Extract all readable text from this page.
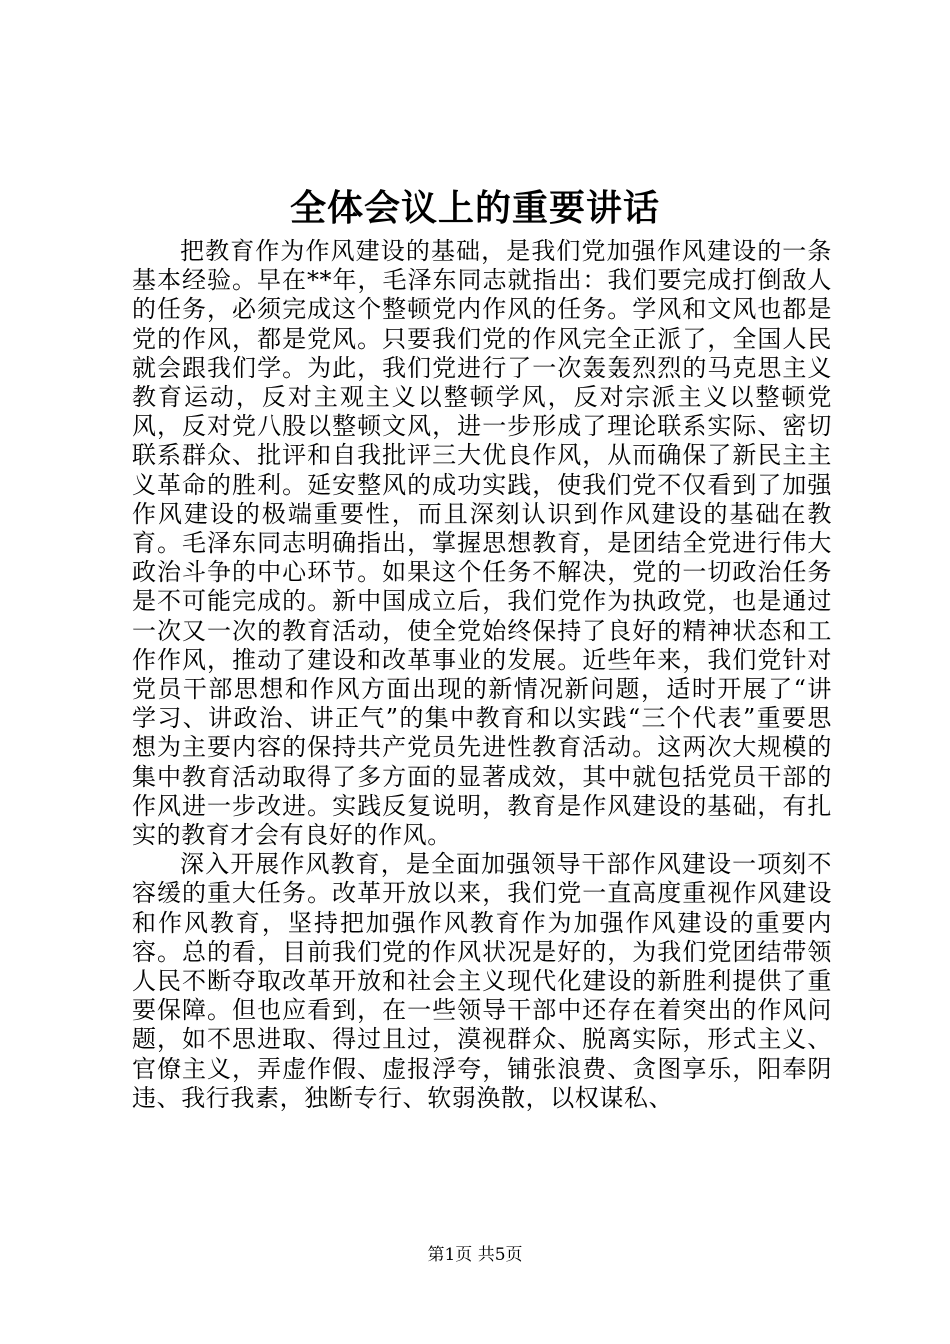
全体会议上的重要讲话

把教育作为作风建设的基础，是我们党加强作风建设的一条基本经验。早在**年，毛泽东同志就指出：我们要完成打倒敌人的任务，必须完成这个整顿党内作风的任务。学风和文风也都是党的作风，都是党风。只要我们党的作风完全正派了，全国人民就会跟我们学。为此，我们党进行了一次轰轰烈烈的马克思主义教育运动，反对主观主义以整顿学风，反对宗派主义以整顿党风，反对党八股以整顿文风，进一步形成了理论联系实际、密切联系群众、批评和自我批评三大优良作风，从而确保了新民主主义革命的胜利。延安整风的成功实践，使我们党不仅看到了加强作风建设的极端重要性，而且深刻认识到作风建设的基础在教育。毛泽东同志明确指出，掌握思想教育，是团结全党进行伟大政治斗争的中心环节。如果这个任务不解决，党的一切政治任务是不可能完成的。新中国成立后，我们党作为执政党，也是通过一次又一次的教育活动，使全党始终保持了良好的精神状态和工作作风，推动了建设和改革事业的发展。近些年来，我们党针对党员干部思想和作风方面出现的新情况新问题，适时开展了“讲学习、讲政治、讲正气”的集中教育和以实践“三个代表”重要思想为主要内容的保持共产党员先进性教育活动。这两次大规模的集中教育活动取得了多方面的显著成效，其中就包括党员干部的作风进一步改进。实践反复说明，教育是作风建设的基础，有扎实的教育才会有良好的作风。

深入开展作风教育，是全面加强领导干部作风建设一项刻不容缓的重大任务。改革开放以来，我们党一直高度重视作风建设和作风教育，坚持把加强作风教育作为加强作风建设的重要内容。总的看，目前我们党的作风状况是好的，为我们党团结带领人民不断夺取改革开放和社会主义现代化建设的新胜利提供了重要保障。但也应看到，在一些领导干部中还存在着突出的作风问题，如不思进取、得过且过，漠视群众、脱离实际，形式主义、官僚主义，弄虚作假、虚报浮夸，铺张浪费、贪图享乐，阳奉阴违、我行我素，独断专行、软弱涣散，以权谋私、

第1页 共5页
